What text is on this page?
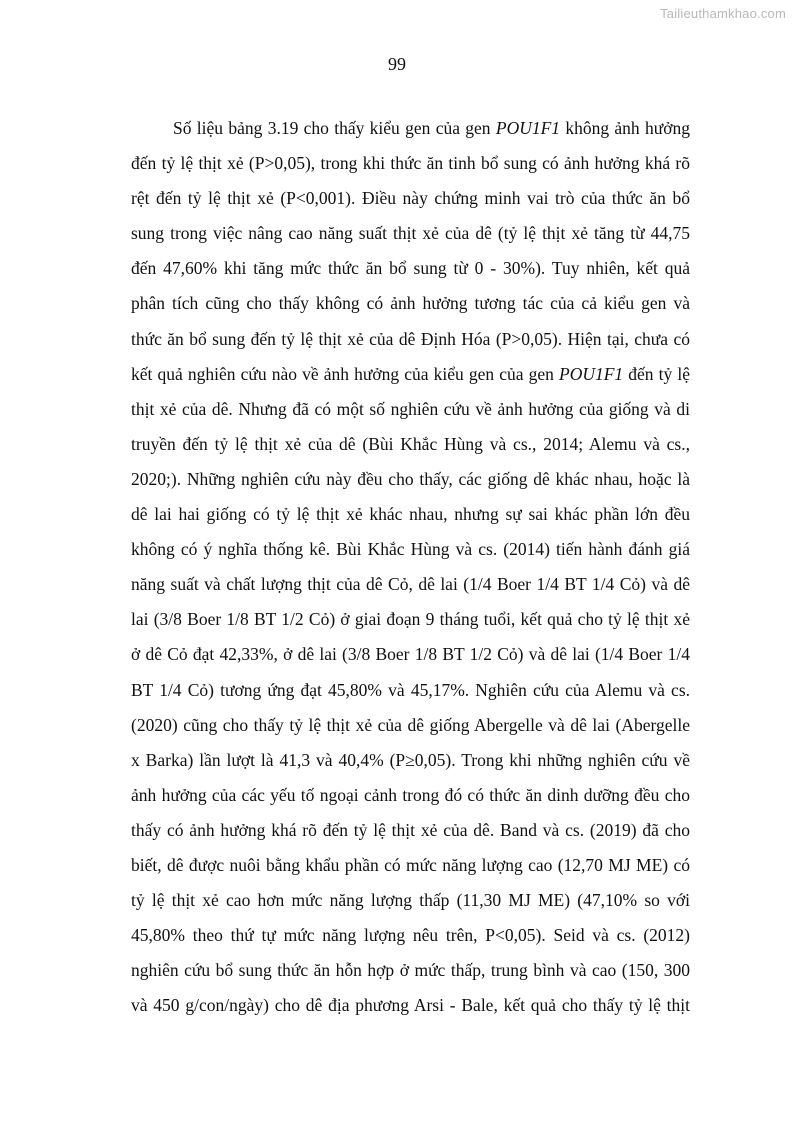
Tailieuthamkhao.com
99
Số liệu bảng 3.19 cho thấy kiểu gen của gen POU1F1 không ảnh hưởng
đến tỷ lệ thịt xẻ (P>0,05), trong khi thức ăn tinh bổ sung có ảnh hưởng khá rõ
rệt đến tỷ lệ thịt xẻ (P<0,001). Điều này chứng minh vai trò của thức ăn bổ
sung trong việc nâng cao năng suất thịt xẻ của dê (tỷ lệ thịt xẻ tăng từ 44,75
đến 47,60% khi tăng mức thức ăn bổ sung từ 0 - 30%). Tuy nhiên, kết quả
phân tích cũng cho thấy không có ảnh hưởng tương tác của cả kiểu gen và
thức ăn bổ sung đến tỷ lệ thịt xẻ của dê Định Hóa (P>0,05). Hiện tại, chưa có
kết quả nghiên cứu nào về ảnh hưởng của kiểu gen của gen POU1F1 đến tỷ lệ
thịt xẻ của dê. Nhưng đã có một số nghiên cứu về ảnh hưởng của giống và di
truyền đến tỷ lệ thịt xẻ của dê (Bùi Khắc Hùng và cs., 2014; Alemu và cs.,
2020;). Những nghiên cứu này đều cho thấy, các giống dê khác nhau, hoặc là
dê lai hai giống có tỷ lệ thịt xẻ khác nhau, nhưng sự sai khác phần lớn đều
không có ý nghĩa thống kê. Bùi Khắc Hùng và cs. (2014) tiến hành đánh giá
năng suất và chất lượng thịt của dê Cỏ, dê lai (1/4 Boer 1/4 BT 1/4 Cỏ) và dê
lai (3/8 Boer 1/8 BT 1/2 Cỏ) ở giai đoạn 9 tháng tuổi, kết quả cho tỷ lệ thịt xẻ
ở dê Cỏ đạt 42,33%, ở dê lai (3/8 Boer 1/8 BT 1/2 Cỏ) và dê lai (1/4 Boer 1/4
BT 1/4 Cỏ) tương ứng đạt 45,80% và 45,17%. Nghiên cứu của Alemu và cs.
(2020) cũng cho thấy tỷ lệ thịt xẻ của dê giống Abergelle và dê lai (Abergelle
x Barka) lần lượt là 41,3 và 40,4% (P≥0,05). Trong khi những nghiên cứu về
ảnh hưởng của các yếu tố ngoại cảnh trong đó có thức ăn dinh dưỡng đều cho
thấy có ảnh hưởng khá rõ đến tỷ lệ thịt xẻ của dê. Band và cs. (2019) đã cho
biết, dê được nuôi bằng khẩu phần có mức năng lượng cao (12,70 MJ ME) có
tỷ lệ thịt xẻ cao hơn mức năng lượng thấp (11,30 MJ ME) (47,10% so với
45,80% theo thứ tự mức năng lượng nêu trên, P<0,05). Seid và cs. (2012)
nghiên cứu bổ sung thức ăn hỗn hợp ở mức thấp, trung bình và cao (150, 300
và 450 g/con/ngày) cho dê địa phương Arsi - Bale, kết quả cho thấy tỷ lệ thịt
